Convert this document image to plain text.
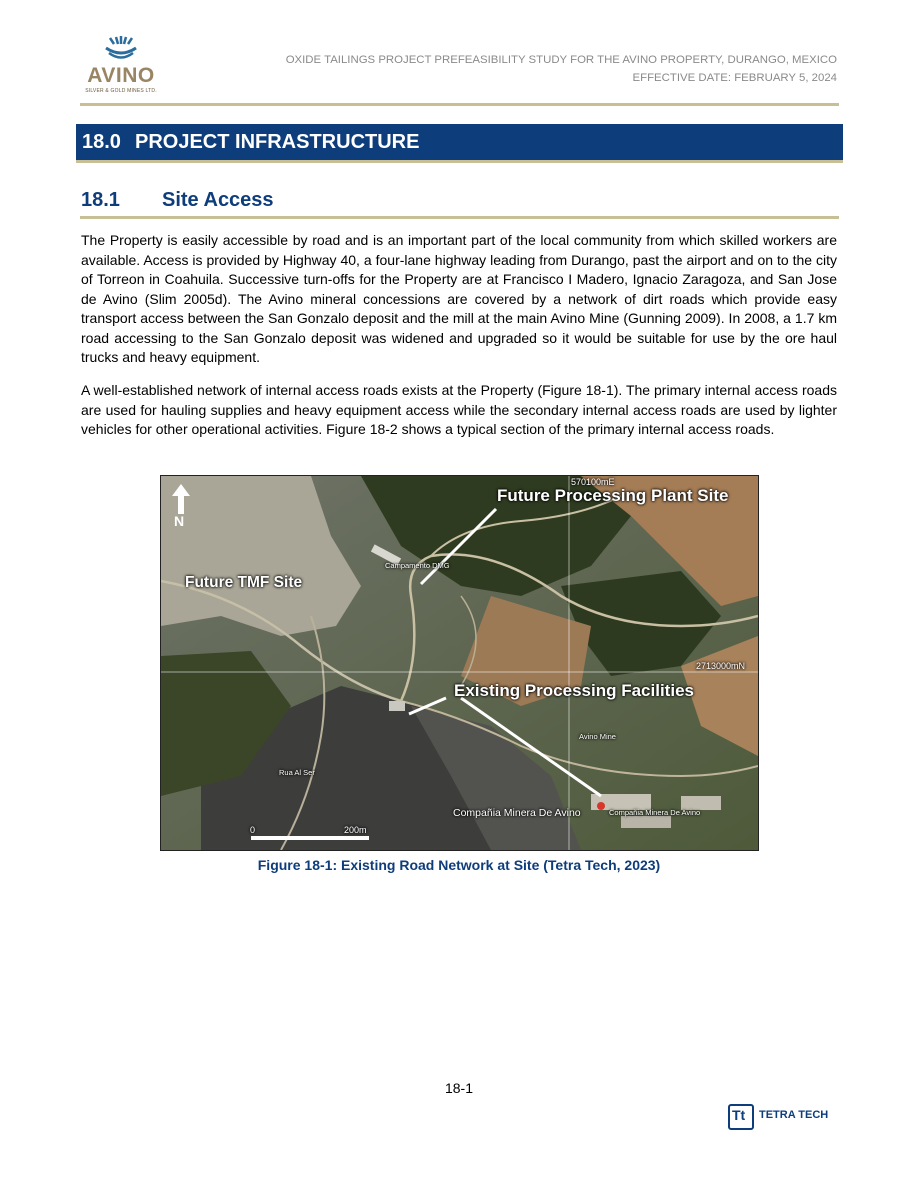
AVINO
SILVER & GOLD MINES LTD.
OXIDE TAILINGS PROJECT PREFEASIBILITY STUDY FOR THE AVINO PROPERTY, DURANGO, MEXICO
EFFECTIVE DATE: FEBRUARY 5, 2024
18.0 PROJECT INFRASTRUCTURE
18.1 Site Access

The Property is easily accessible by road and is an important part of the local community from which skilled workers are available. Access is provided by Highway 40, a four-lane highway leading from Durango, past the airport and on to the city of Torreon in Coahuila. Successive turn-offs for the Property are at Francisco I Madero, Ignacio Zaragoza, and San Jose de Avino (Slim 2005d). The Avino mineral concessions are covered by a network of dirt roads which provide easy transport access between the San Gonzalo deposit and the mill at the main Avino Mine (Gunning 2009). In 2008, a 1.7 km road accessing to the San Gonzalo deposit was widened and upgraded so it would be suitable for use by the ore haul trucks and heavy equipment.

A well-established network of internal access roads exists at the Property (Figure 18-1). The primary internal access roads are used for hauling supplies and heavy equipment access while the secondary internal access roads are used by lighter vehicles for other operational activities. Figure 18-2 shows a typical section of the primary internal access roads.

N
570100mE
2713000mN
Future Processing Plant Site
Future TMF Site
Existing Processing Facilities
Campamento DMG
Avino Mine
Compañia Minera De Avino	Compañia Minera De Avino
Rua Al Ser
0	200m
Figure 18-1: Existing Road Network at Site (Tetra Tech, 2023)
18-1
Tt TETRA TECH
